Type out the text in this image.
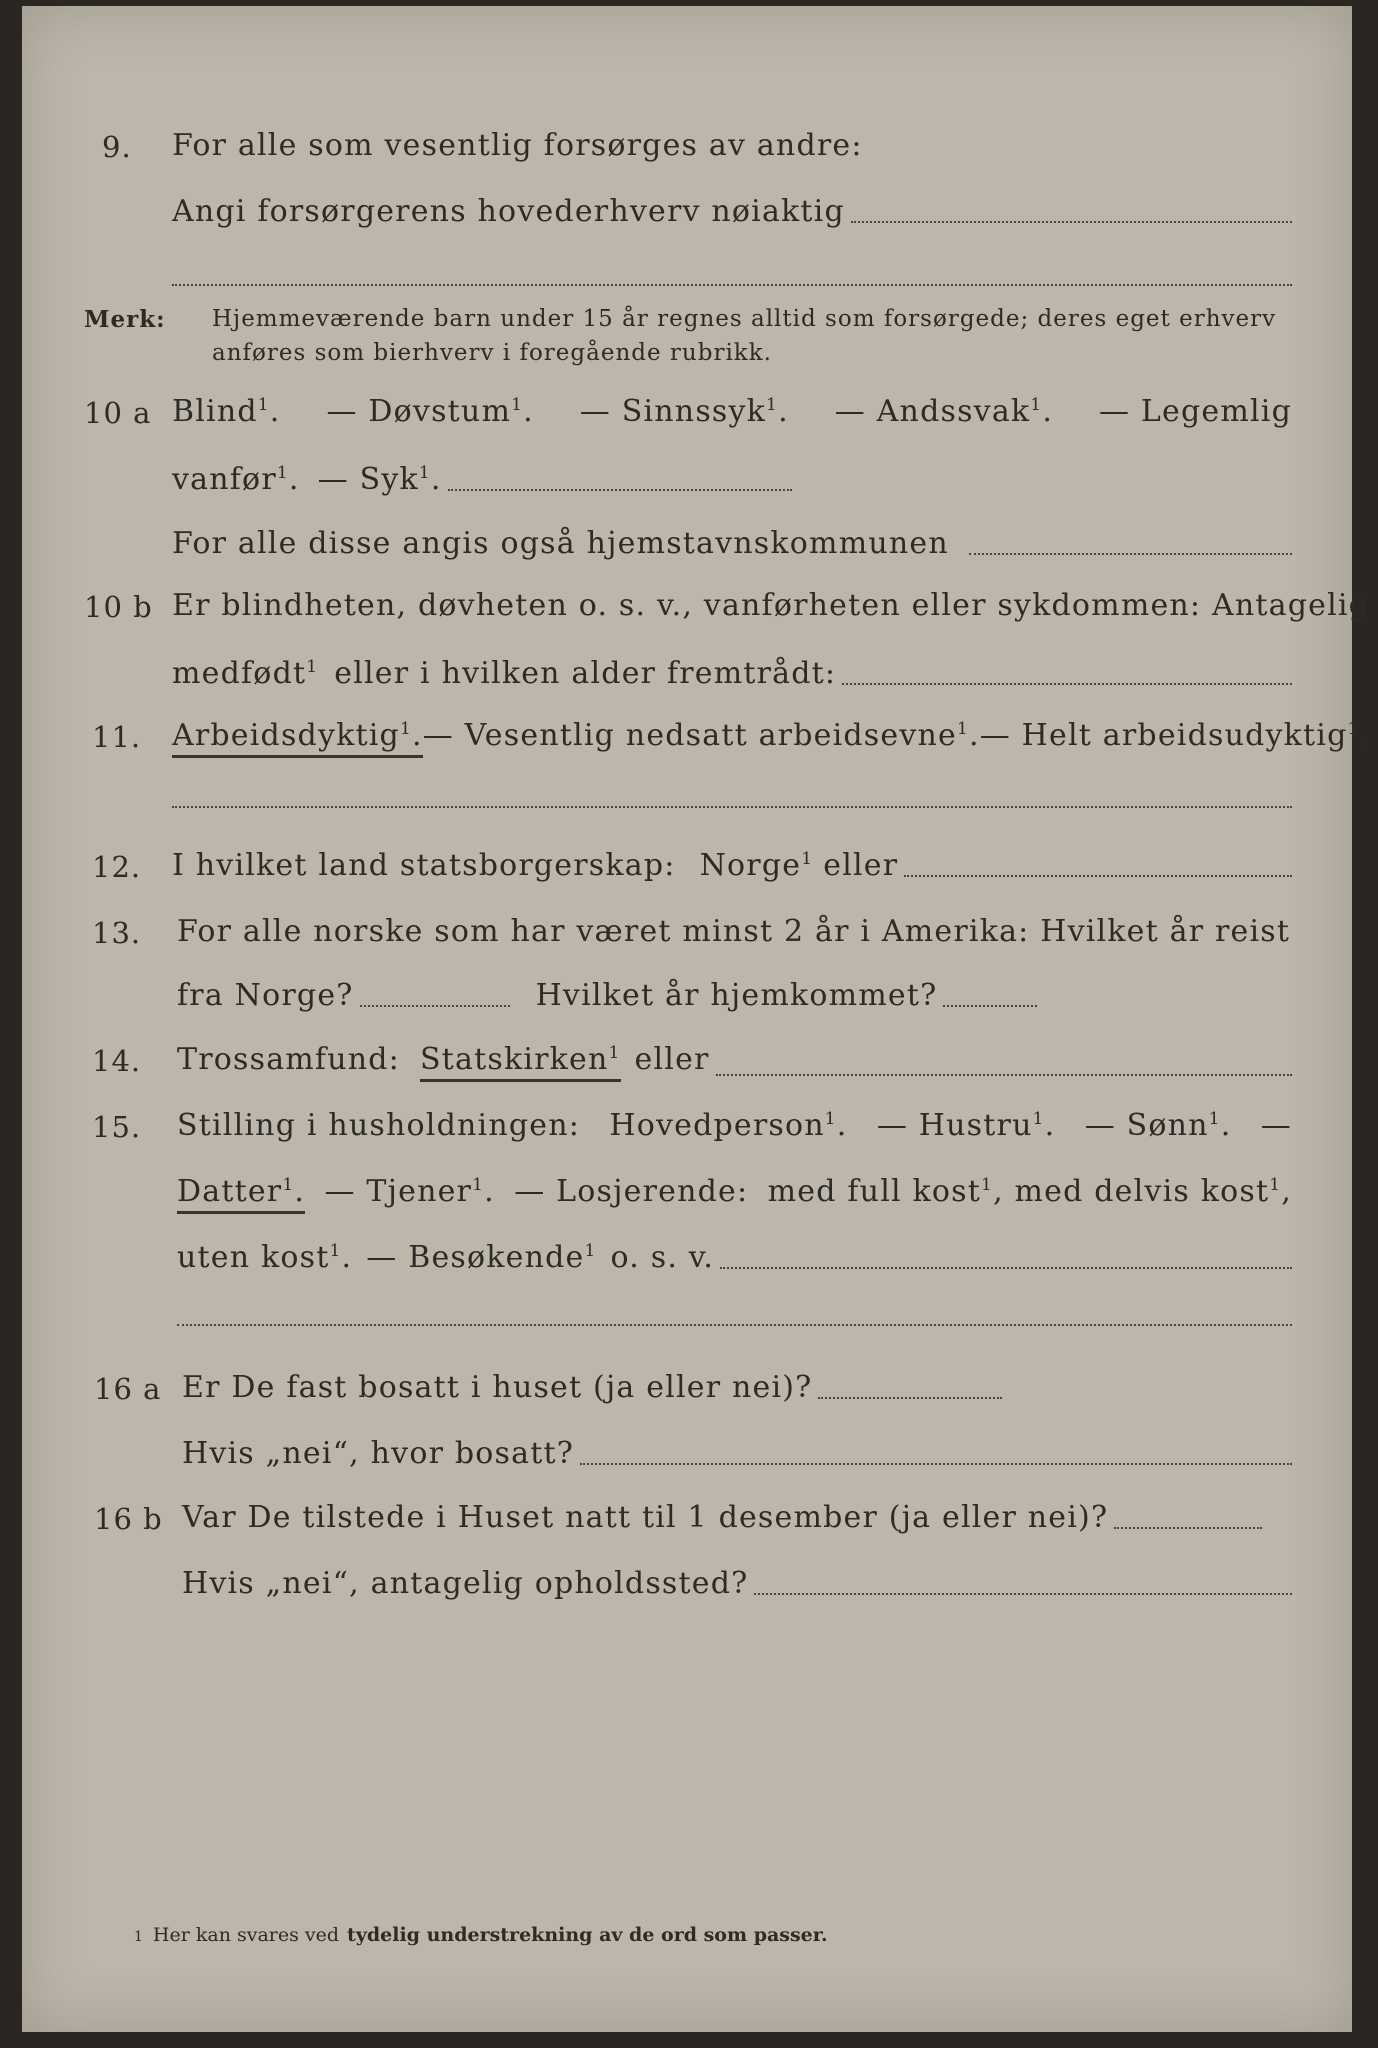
9. For alle som vesentlig forsørges av andre:
Angi forsørgerens hovederhverv nøiaktig
Merk: Hjemmeværende barn under 15 år regnes alltid som forsørgede; deres eget erhverv
anføres som bierhverv i foregående rubrikk.
10 a Blind$^1$. — Døvstum$^1$. — Sinnssyk$^1$. — Andssvak$^1$. — Legemlig
vanfør$^1$. — Syk$^1$.
For alle disse angis også hjemstavnskommunen
10 b Er blindheten, døvheten o. s. v., vanførheten eller sykdommen: Antagelig
medfødt$^1$ eller i hvilken alder fremtrådt:
11. Arbeidsdyktig$^1$. — Vesentlig nedsatt arbeidsevne$^1$. — Helt arbeidsudyktig$^1$.
12. I hvilket land statsborgerskap: Norge$^1$ eller
13. For alle norske som har været minst 2 år i Amerika: Hvilket år reist
fra Norge?	Hvilket år hjemkommet?
14. Trossamfund: Statskirken$^1$ eller
15. Stilling i husholdningen: Hovedperson$^1$. — Hustru$^1$. — Sønn$^1$. —
Datter$^1$. — Tjener$^1$. — Losjerende: med full kost$^1$, med delvis kost$^1$,
uten kost$^1$. — Besøkende$^1$ o. s. v.
16 a Er De fast bosatt i huset (ja eller nei)?
Hvis „nei“, hvor bosatt?
16 b Var De tilstede i Huset natt til 1 desember (ja eller nei)?
Hvis „nei“, antagelig opholdssted?
1 Her kan svares ved tydelig understrekning av de ord som passer.
